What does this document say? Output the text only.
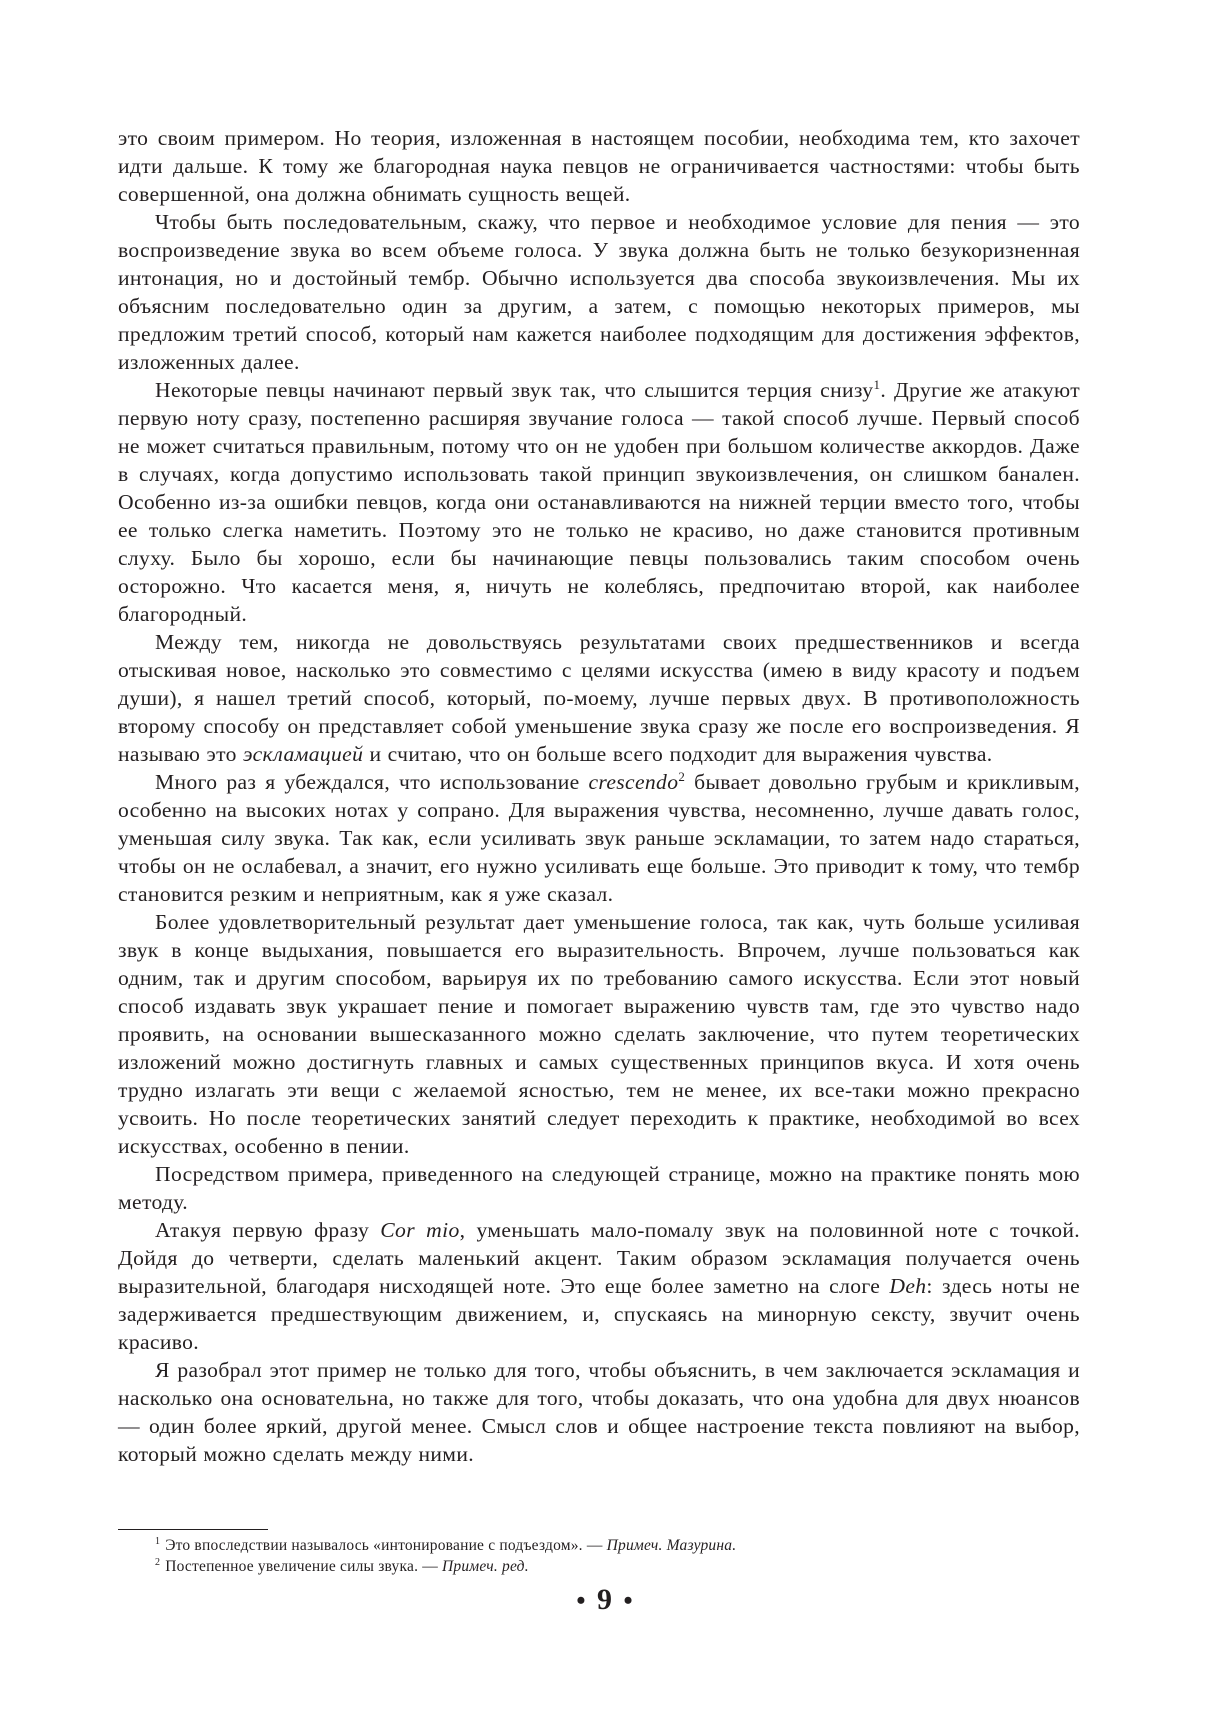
это своим примером. Но теория, изложенная в настоящем пособии, необходима тем, кто захочет идти дальше. К тому же благородная наука певцов не ограничивается частностями: чтобы быть совершенной, она должна обнимать сущность вещей.

Чтобы быть последовательным, скажу, что первое и необходимое условие для пения — это воспроизведение звука во всем объеме голоса. У звука должна быть не только безукоризненная интонация, но и достойный тембр. Обычно используется два способа звукоизвлечения. Мы их объясним последовательно один за другим, а затем, с помощью некоторых примеров, мы предложим третий способ, который нам кажется наиболее подходящим для достижения эффектов, изложенных далее.

Некоторые певцы начинают первый звук так, что слышится терция снизу$^1$. Другие же атакуют первую ноту сразу, постепенно расширяя звучание голоса — такой способ лучше. Первый способ не может считаться правильным, потому что он не удобен при большом количестве аккордов. Даже в случаях, когда допустимо использовать такой принцип звукоизвлечения, он слишком банален. Особенно из-за ошибки певцов, когда они останавливаются на нижней терции вместо того, чтобы ее только слегка наметить. Поэтому это не только не красиво, но даже становится противным слуху. Было бы хорошо, если бы начинающие певцы пользовались таким способом очень осторожно. Что касается меня, я, ничуть не колеблясь, предпочитаю второй, как наиболее благородный.

Между тем, никогда не довольствуясь результатами своих предшественников и всегда отыскивая новое, насколько это совместимо с целями искусства (имею в виду красоту и подъем души), я нашел третий способ, который, по-моему, лучше первых двух. В противоположность второму способу он представляет собой уменьшение звука сразу же после его воспроизведения. Я называю это эскламацией и считаю, что он больше всего подходит для выражения чувства.

Много раз я убеждался, что использование crescendo$^2$ бывает довольно грубым и крикливым, особенно на высоких нотах у сопрано. Для выражения чувства, несомненно, лучше давать голос, уменьшая силу звука. Так как, если усиливать звук раньше эскламации, то затем надо стараться, чтобы он не ослабевал, а значит, его нужно усиливать еще больше. Это приводит к тому, что тембр становится резким и неприятным, как я уже сказал.

Более удовлетворительный результат дает уменьшение голоса, так как, чуть больше усиливая звук в конце выдыхания, повышается его выразительность. Впрочем, лучше пользоваться как одним, так и другим способом, варьируя их по требованию самого искусства. Если этот новый способ издавать звук украшает пение и помогает выражению чувств там, где это чувство надо проявить, на основании вышесказанного можно сделать заключение, что путем теоретических изложений можно достигнуть главных и самых существенных принципов вкуса. И хотя очень трудно излагать эти вещи с желаемой ясностью, тем не менее, их все-таки можно прекрасно усвоить. Но после теоретических занятий следует переходить к практике, необходимой во всех искусствах, особенно в пении.

Посредством примера, приведенного на следующей странице, можно на практике понять мою методу.

Атакуя первую фразу Cor mio, уменьшать мало-помалу звук на половинной ноте с точкой. Дойдя до четверти, сделать маленький акцент. Таким образом эскламация получается очень выразительной, благодаря нисходящей ноте. Это еще более заметно на слоге Deh: здесь ноты не задерживается предшествующим движением, и, спускаясь на минорную сексту, звучит очень красиво.

Я разобрал этот пример не только для того, чтобы объяснить, в чем заключается эскламация и насколько она основательна, но также для того, чтобы доказать, что она удобна для двух нюансов — один более яркий, другой менее. Смысл слов и общее настроение текста повлияют на выбор, который можно сделать между ними.

$^1$ Это впоследствии называлось «интонирование с подъездом». — Примеч. Мазурина.

$^2$ Постепенное увеличение силы звука. — Примеч. ред.

• 9 •
